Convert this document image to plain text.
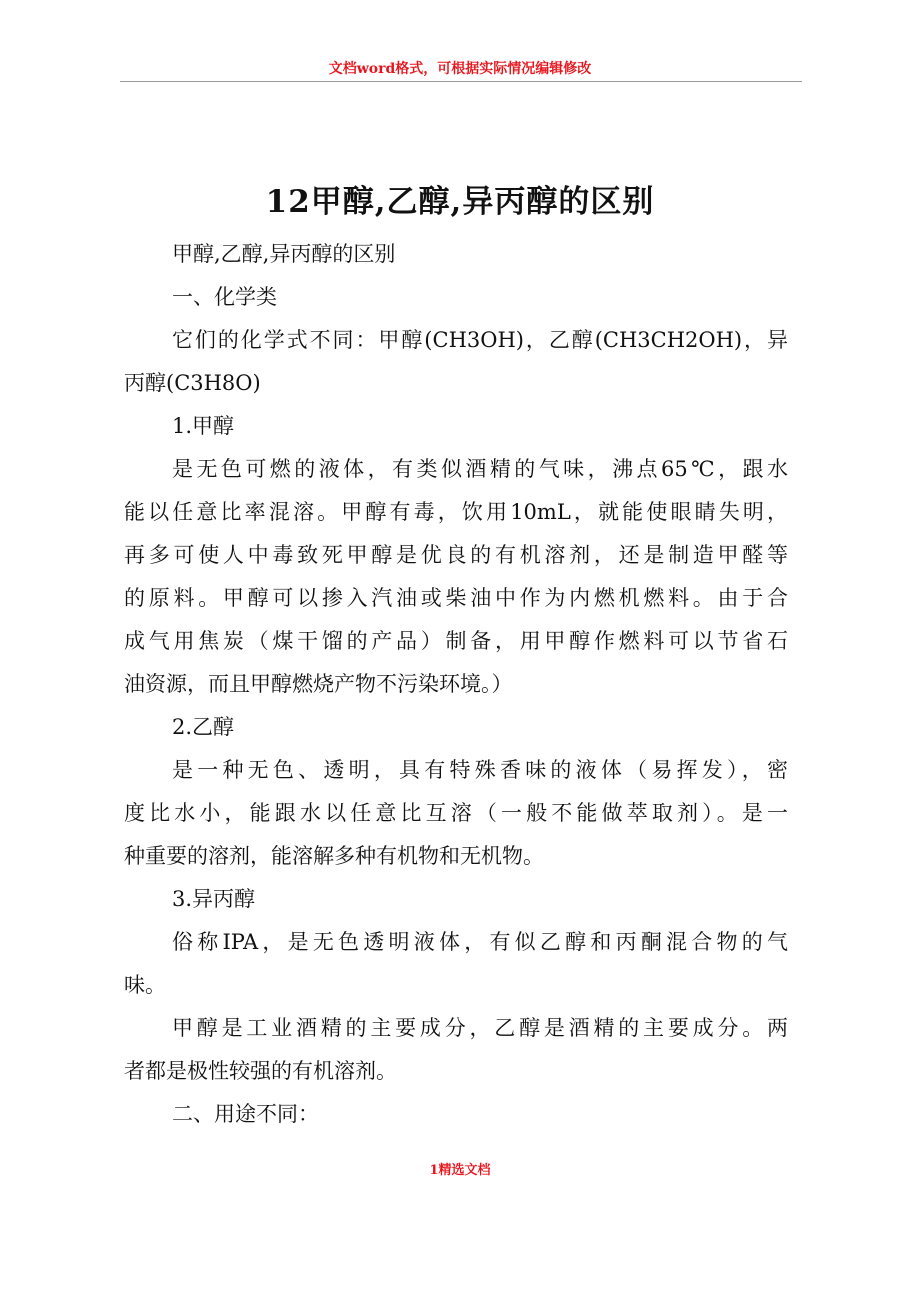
文档word格式，可根据实际情况编辑修改
12甲醇,乙醇,异丙醇的区别
甲醇,乙醇,异丙醇的区别
一、化学类
它们的化学式不同：甲醇(CH3OH)，乙醇(CH3CH2OH)，异
丙醇(C3H8O)
1.甲醇
是无色可燃的液体，有类似酒精的气味，沸点65℃，跟水
能以任意比率混溶。甲醇有毒，饮用10mL，就能使眼睛失明，
再多可使人中毒致死甲醇是优良的有机溶剂，还是制造甲醛等
的原料。甲醇可以掺入汽油或柴油中作为内燃机燃料。由于合
成气用焦炭（煤干馏的产品）制备，用甲醇作燃料可以节省石
油资源，而且甲醇燃烧产物不污染环境。）
2.乙醇
是一种无色、透明，具有特殊香味的液体（易挥发），密
度比水小，能跟水以任意比互溶（一般不能做萃取剂）。是一
种重要的溶剂，能溶解多种有机物和无机物。
3.异丙醇
俗称IPA，是无色透明液体，有似乙醇和丙酮混合物的气
味。
甲醇是工业酒精的主要成分，乙醇是酒精的主要成分。两
者都是极性较强的有机溶剂。
二、用途不同：
1精选文档
